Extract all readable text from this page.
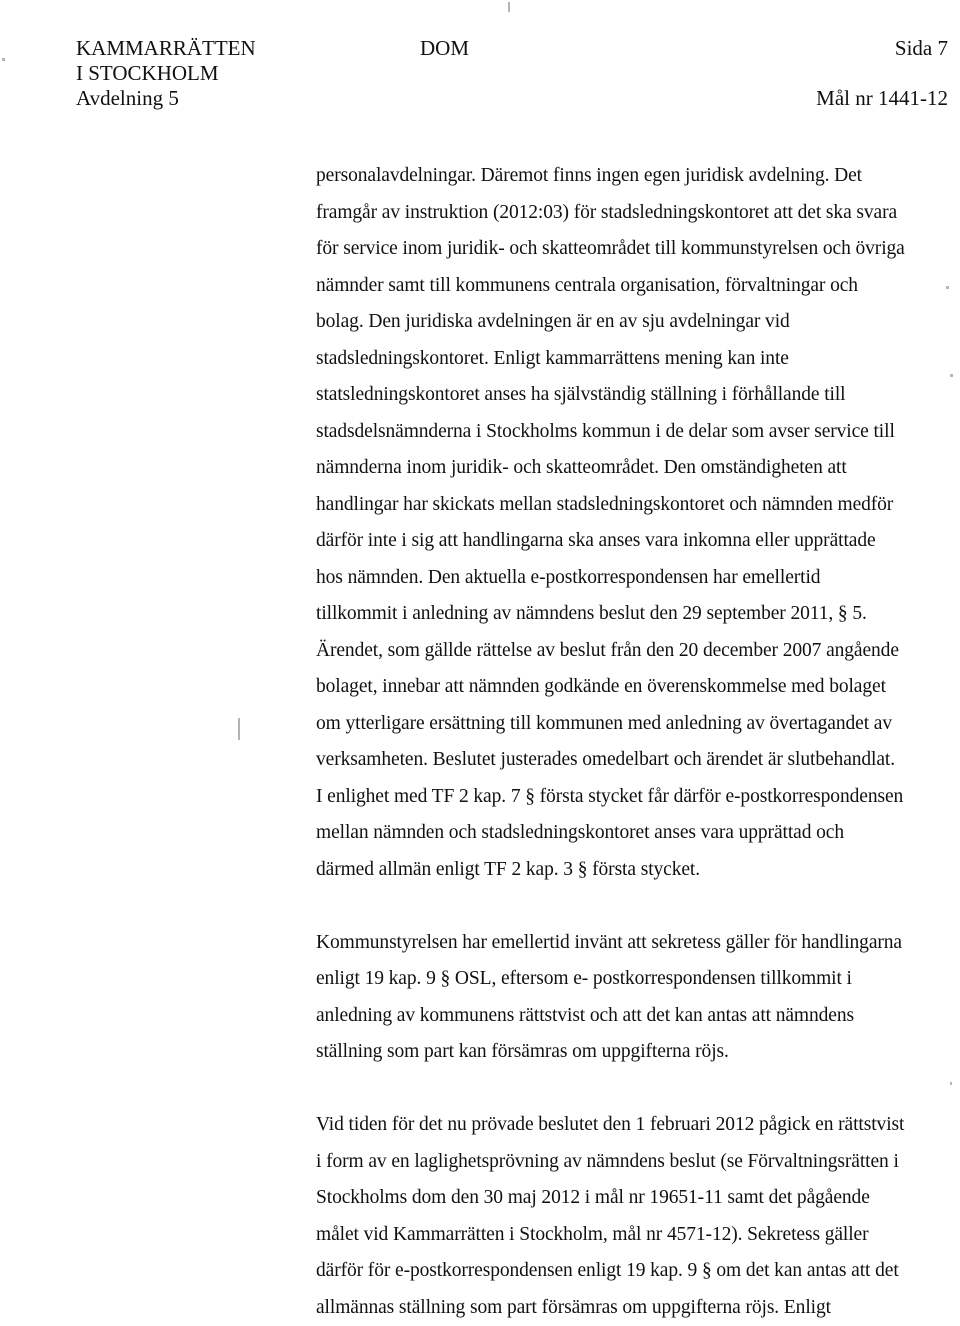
KAMMARRÄTTEN
I STOCKHOLM
Avdelning 5
DOM	Sida 7
Mål nr 1441-12
personalavdelningar. Däremot finns ingen egen juridisk avdelning. Det
framgår av instruktion (2012:03) för stadsledningskontoret att det ska svara
för service inom juridik- och skatteområdet till kommunstyrelsen och övriga
nämnder samt till kommunens centrala organisation, förvaltningar och
bolag. Den juridiska avdelningen är en av sju avdelningar vid
stadsledningskontoret. Enligt kammarrättens mening kan inte
statsledningskontoret anses ha självständig ställning i förhållande till
stadsdelsnämnderna i Stockholms kommun i de delar som avser service till
nämnderna inom juridik- och skatteområdet. Den omständigheten att
handlingar har skickats mellan stadsledningskontoret och nämnden medför
därför inte i sig att handlingarna ska anses vara inkomna eller upprättade
hos nämnden. Den aktuella e-postkorrespondensen har emellertid
tillkommit i anledning av nämndens beslut den 29 september 2011, § 5.
Ärendet, som gällde rättelse av beslut från den 20 december 2007 angående
bolaget, innebar att nämnden godkände en överenskommelse med bolaget
om ytterligare ersättning till kommunen med anledning av övertagandet av
verksamheten. Beslutet justerades omedelbart och ärendet är slutbehandlat.
I enlighet med TF 2 kap. 7 § första stycket får därför e-postkorrespondensen
mellan nämnden och stadsledningskontoret anses vara upprättad och
därmed allmän enligt TF 2 kap. 3 § första stycket.
Kommunstyrelsen har emellertid invänt att sekretess gäller för handlingarna
enligt 19 kap. 9 § OSL, eftersom e- postkorrespondensen tillkommit i
anledning av kommunens rättstvist och att det kan antas att nämndens
ställning som part kan försämras om uppgifterna röjs.
Vid tiden för det nu prövade beslutet den 1 februari 2012 pågick en rättstvist
i form av en laglighetsprövning av nämndens beslut (se Förvaltningsrätten i
Stockholms dom den 30 maj 2012 i mål nr 19651-11 samt det pågående
målet vid Kammarrätten i Stockholm, mål nr 4571-12). Sekretess gäller
därför för e-postkorrespondensen enligt 19 kap. 9 § om det kan antas att det
allmännas ställning som part försämras om uppgifterna röjs. Enligt
